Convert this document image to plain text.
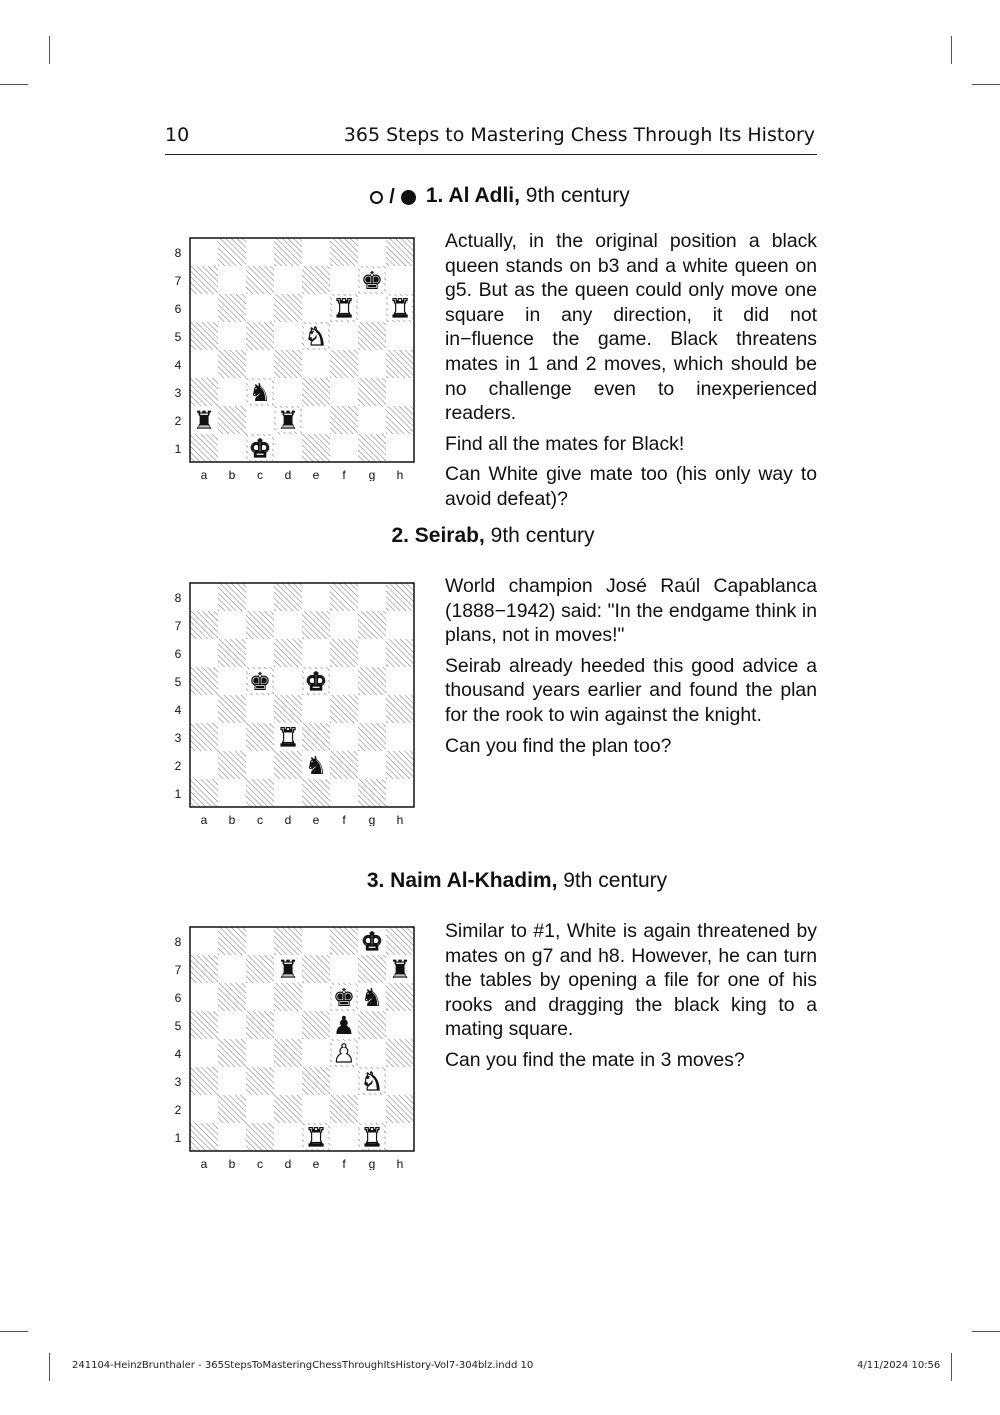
10	365 Steps to Mastering Chess Through Its History
/ 1. Al Adli, 9th century
8
7
6
5
4
3
2
1
a b c d e f g h
♚
♜ ♜
♞
♞
♜ ♜
♚

Actually, in the original position a black queen stands on b3 and a white queen on g5. But as the queen could only move one square in any direction, it did not in−fluence the game. Black threatens mates in 1 and 2 moves, which should be no challenge even to inexperienced readers.

Find all the mates for Black!

Can White give mate too (his only way to avoid defeat)?

2. Seirab, 9th century
8
7
6
5
4
3
2
1
a b c d e f g h
♚ ♚
♜
♞

World champion José Raúl Capablanca (1888−1942) said: "In the endgame think in plans, not in moves!"

Seirab already heeded this good advice a thousand years earlier and found the plan for the rook to win against the knight.

Can you find the plan too?

3. Naim Al-Khadim, 9th century
8
7
6
5
4
3
2
1
a b c d e f g h
♚
♜	♜
♚ ♞
♟
♟
♞
♜ ♜

Similar to #1, White is again threatened by mates on g7 and h8. However, he can turn the tables by opening a file for one of his rooks and dragging the black king to a mating square.

Can you find the mate in 3 moves?

241104-HeinzBrunthaler - 365StepsToMasteringChessThroughItsHistory-Vol7-304blz.indd 10	4/11/2024 10:56
